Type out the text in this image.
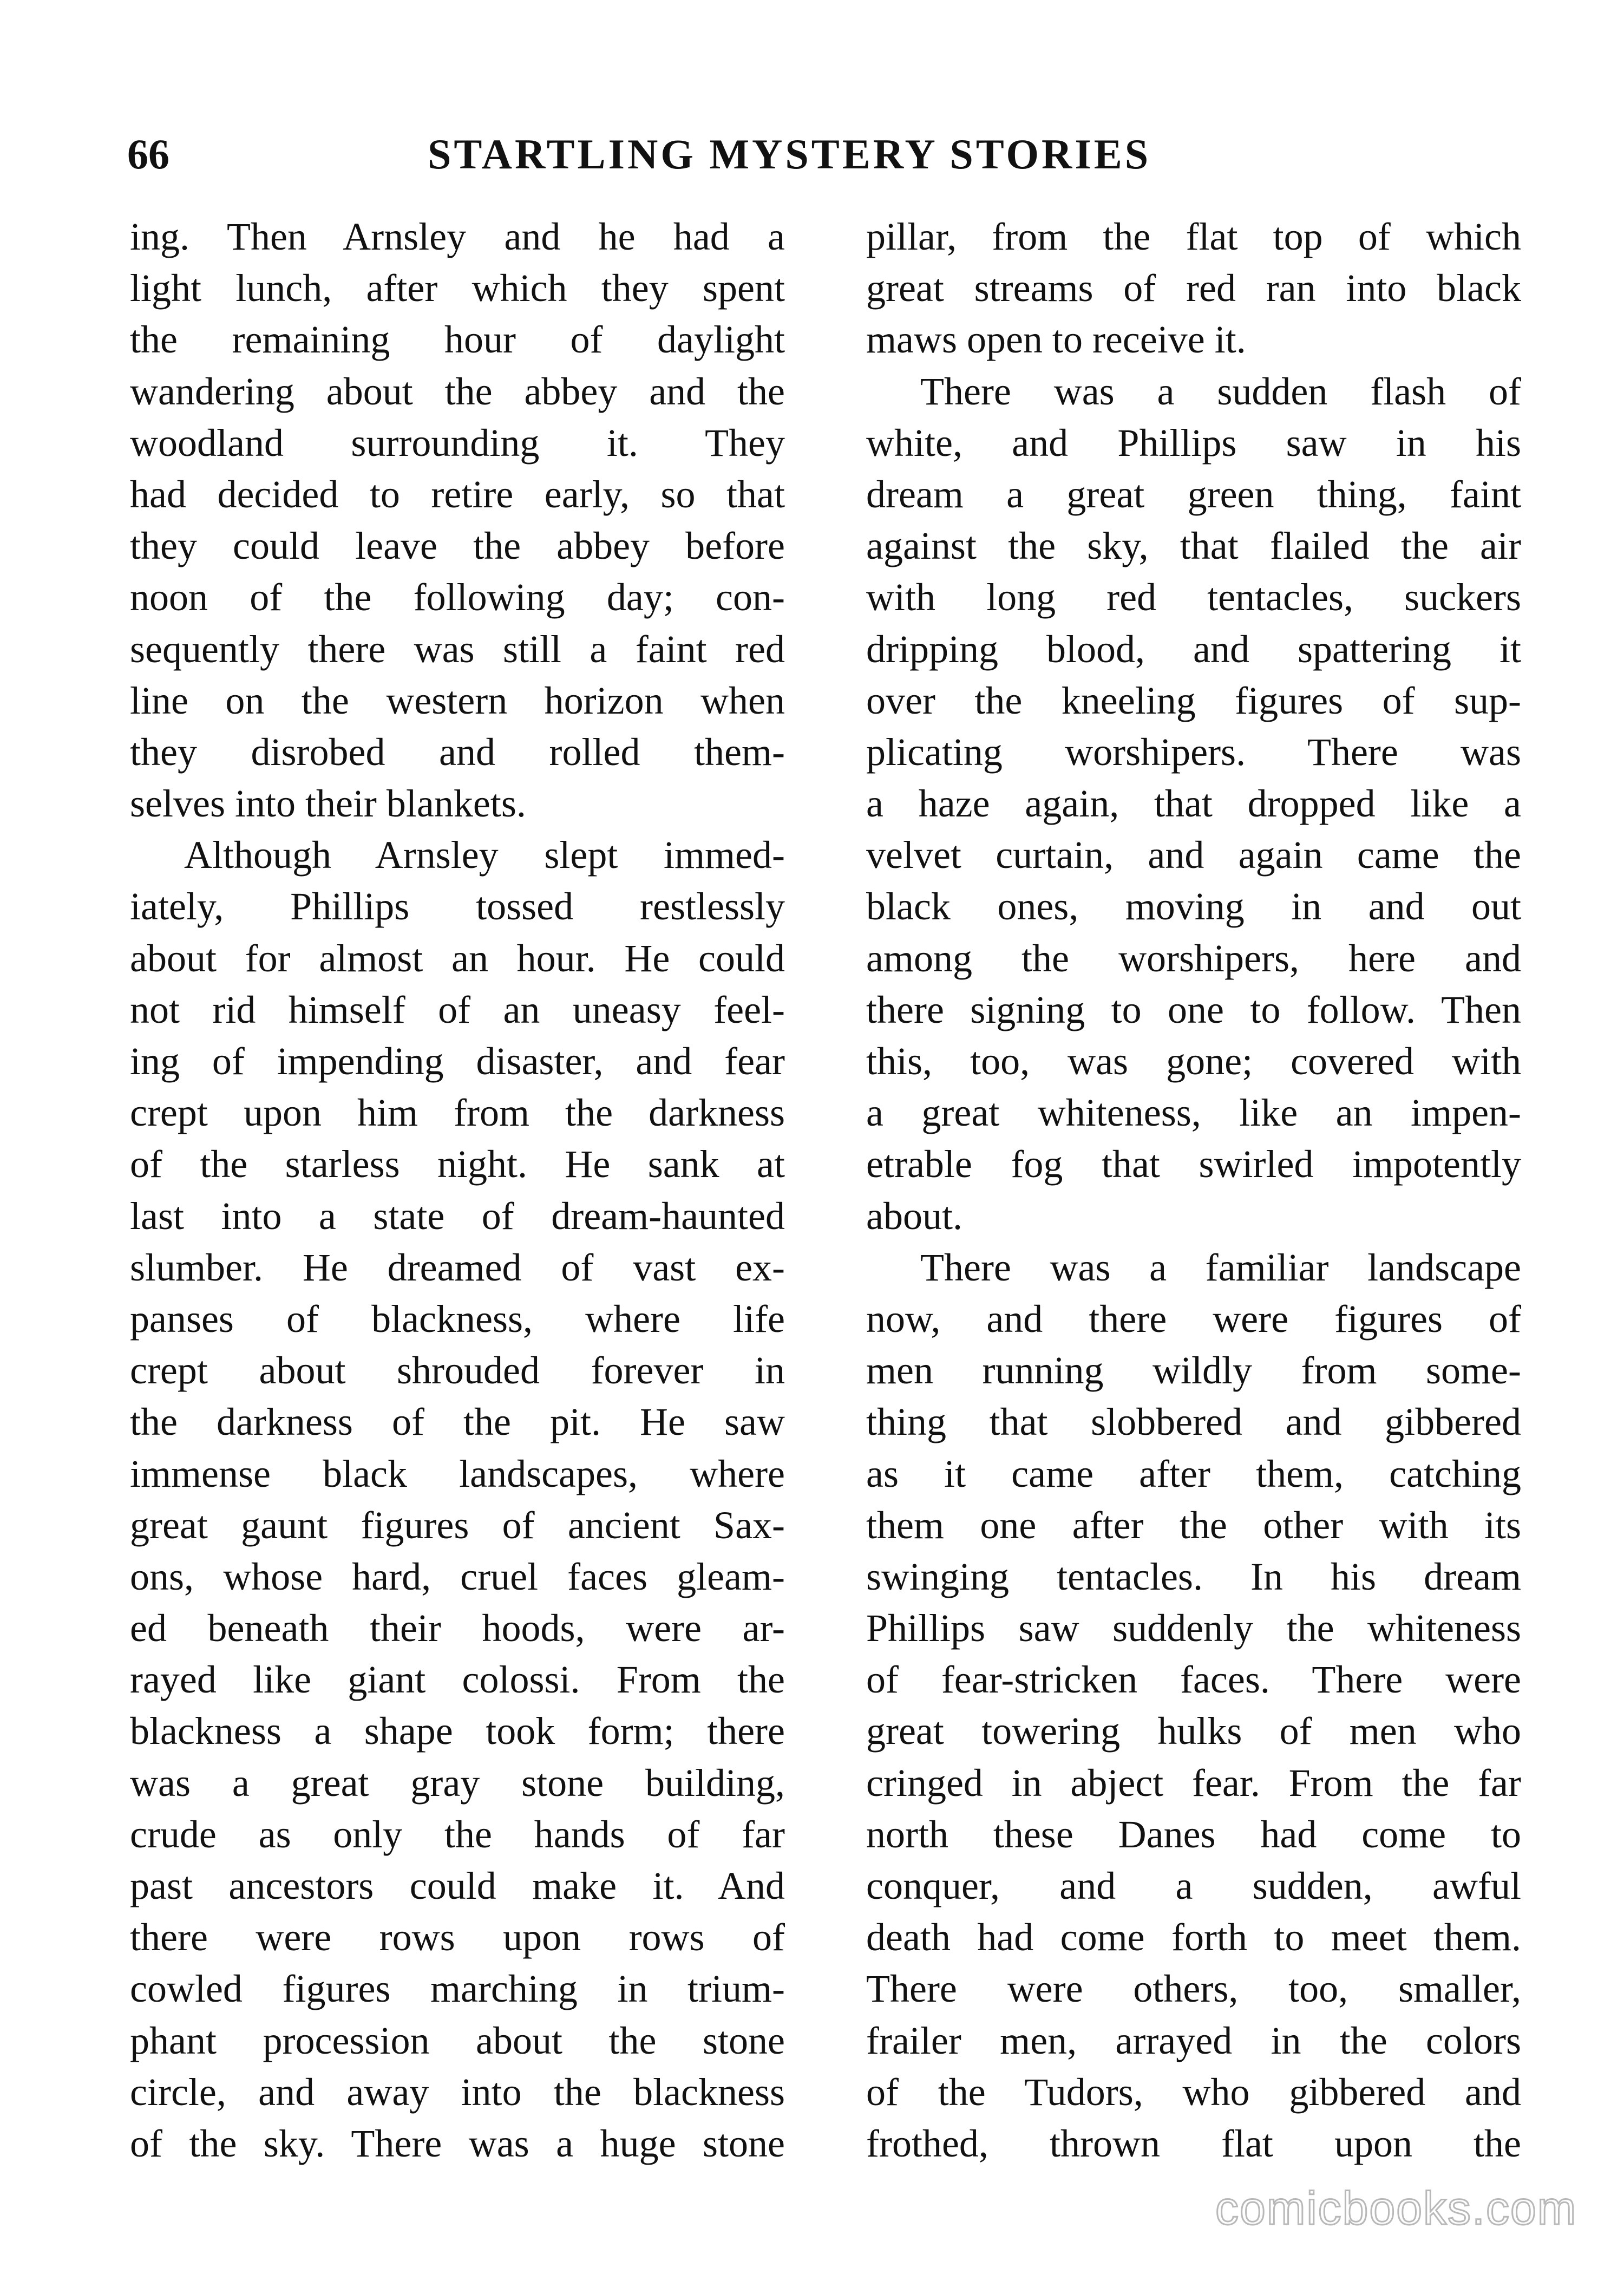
66	STARTLING MYSTERY STORIES
ing. Then Arnsley and he had a
light lunch, after which they spent
the remaining hour of daylight
wandering about the abbey and the
woodland surrounding it. They
had decided to retire early, so that
they could leave the abbey before
noon of the following day; con-
sequently there was still a faint red
line on the western horizon when
they disrobed and rolled them-
selves into their blankets.
Although Arnsley slept immed-
iately, Phillips tossed restlessly
about for almost an hour. He could
not rid himself of an uneasy feel-
ing of impending disaster, and fear
crept upon him from the darkness
of the starless night. He sank at
last into a state of dream-haunted
slumber. He dreamed of vast ex-
panses of blackness, where life
crept about shrouded forever in
the darkness of the pit. He saw
immense black landscapes, where
great gaunt figures of ancient Sax-
ons, whose hard, cruel faces gleam-
ed beneath their hoods, were ar-
rayed like giant colossi. From the
blackness a shape took form; there
was a great gray stone building,
crude as only the hands of far
past ancestors could make it. And
there were rows upon rows of
cowled figures marching in trium-
phant procession about the stone
circle, and away into the blackness
of the sky. There was a huge stone
pillar, from the flat top of which
great streams of red ran into black
maws open to receive it.
There was a sudden flash of
white, and Phillips saw in his
dream a great green thing, faint
against the sky, that flailed the air
with long red tentacles, suckers
dripping blood, and spattering it
over the kneeling figures of sup-
plicating worshipers. There was
a haze again, that dropped like a
velvet curtain, and again came the
black ones, moving in and out
among the worshipers, here and
there signing to one to follow. Then
this, too, was gone; covered with
a great whiteness, like an impen-
etrable fog that swirled impotently
about.
There was a familiar landscape
now, and there were figures of
men running wildly from some-
thing that slobbered and gibbered
as it came after them, catching
them one after the other with its
swinging tentacles. In his dream
Phillips saw suddenly the whiteness
of fear-stricken faces. There were
great towering hulks of men who
cringed in abject fear. From the far
north these Danes had come to
conquer, and a sudden, awful
death had come forth to meet them.
There were others, too, smaller,
frailer men, arrayed in the colors
of the Tudors, who gibbered and
frothed, thrown flat upon the
comicbooks.com
